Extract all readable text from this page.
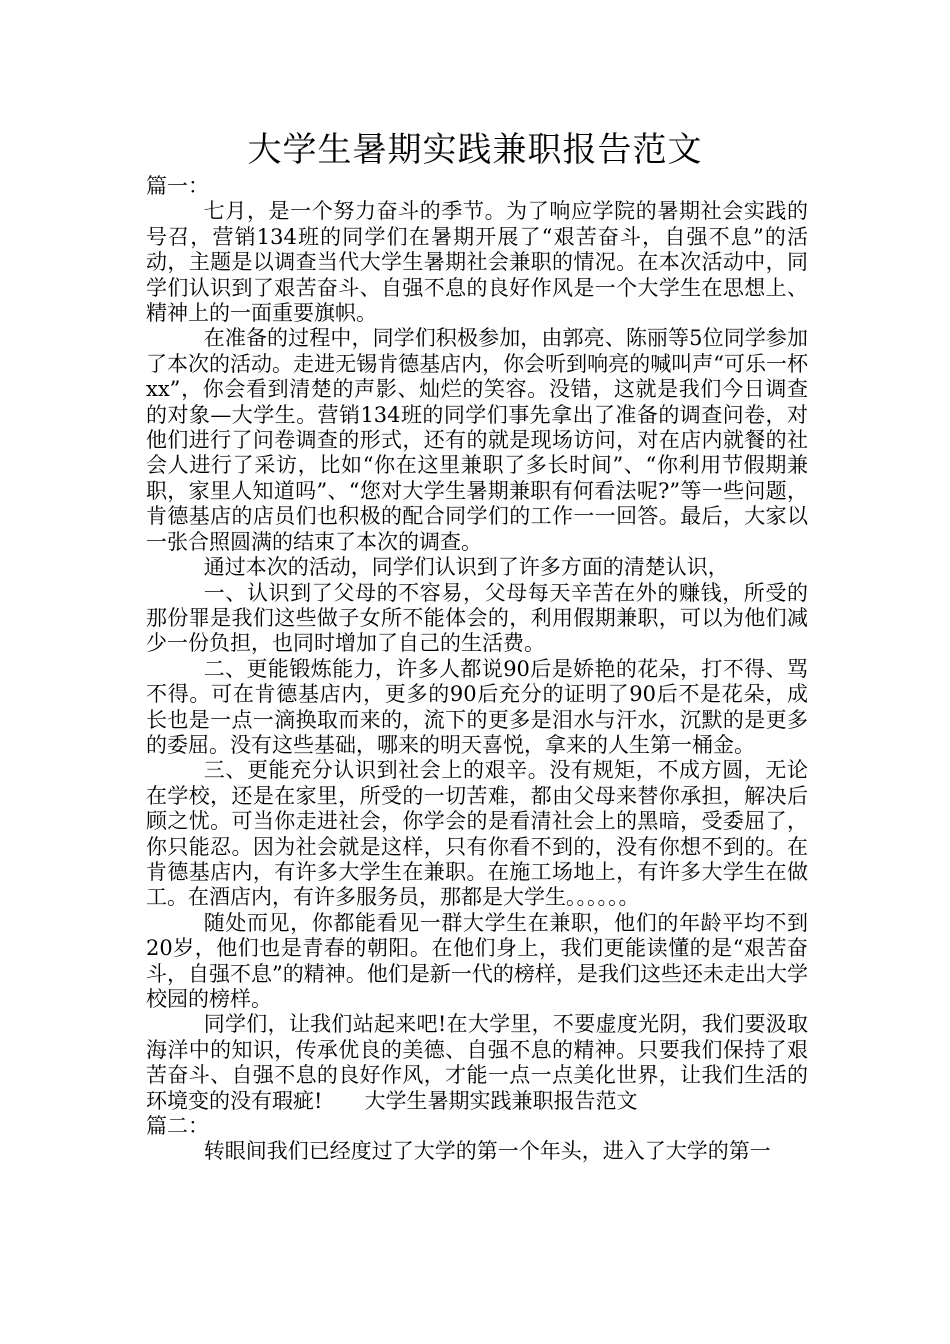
大学生暑期实践兼职报告范文

篇一：

七月，是一个努力奋斗的季节。为了响应学院的暑期社会实践的号召，营销134班的同学们在暑期开展了“艰苦奋斗，自强不息”的活动，主题是以调查当代大学生暑期社会兼职的情况。在本次活动中，同学们认识到了艰苦奋斗、自强不息的良好作风是一个大学生在思想上、精神上的一面重要旗帜。

在准备的过程中，同学们积极参加，由郭亮、陈丽等5位同学参加了本次的活动。走进无锡肯德基店内，你会听到响亮的喊叫声“可乐一杯xx”，你会看到清楚的声影、灿烂的笑容。没错，这就是我们今日调查的对象—大学生。营销134班的同学们事先拿出了准备的调查问卷，对他们进行了问卷调查的形式，还有的就是现场访问，对在店内就餐的社会人进行了采访，比如“你在这里兼职了多长时间”、“你利用节假期兼职，家里人知道吗”、“您对大学生暑期兼职有何看法呢?”等一些问题，肯德基店的店员们也积极的配合同学们的工作一一回答。最后，大家以一张合照圆满的结束了本次的调查。

通过本次的活动，同学们认识到了许多方面的清楚认识，

一、认识到了父母的不容易，父母每天辛苦在外的赚钱，所受的那份罪是我们这些做子女所不能体会的，利用假期兼职，可以为他们减少一份负担，也同时增加了自己的生活费。

二、更能锻炼能力，许多人都说90后是娇艳的花朵，打不得、骂不得。可在肯德基店内，更多的90后充分的证明了90后不是花朵，成长也是一点一滴换取而来的，流下的更多是泪水与汗水，沉默的是更多的委屈。没有这些基础，哪来的明天喜悦，拿来的人生第一桶金。

三、更能充分认识到社会上的艰辛。没有规矩，不成方圆，无论在学校，还是在家里，所受的一切苦难，都由父母来替你承担，解决后顾之忧。可当你走进社会，你学会的是看清社会上的黑暗，受委屈了，你只能忍。因为社会就是这样，只有你看不到的，没有你想不到的。在肯德基店内，有许多大学生在兼职。在施工场地上，有许多大学生在做工。在酒店内，有许多服务员，那都是大学生。。。。。。

随处而见，你都能看见一群大学生在兼职，他们的年龄平均不到20岁，他们也是青春的朝阳。在他们身上，我们更能读懂的是“艰苦奋斗，自强不息”的精神。他们是新一代的榜样，是我们这些还未走出大学校园的榜样。

同学们，让我们站起来吧!在大学里，不要虚度光阴，我们要汲取海洋中的知识，传承优良的美德、自强不息的精神。只要我们保持了艰苦奋斗、自强不息的良好作风，才能一点一点美化世界，让我们生活的环境变的没有瑕疵! 大学生暑期实践兼职报告范文

篇二：

转眼间我们已经度过了大学的第一个年头，进入了大学的第一
